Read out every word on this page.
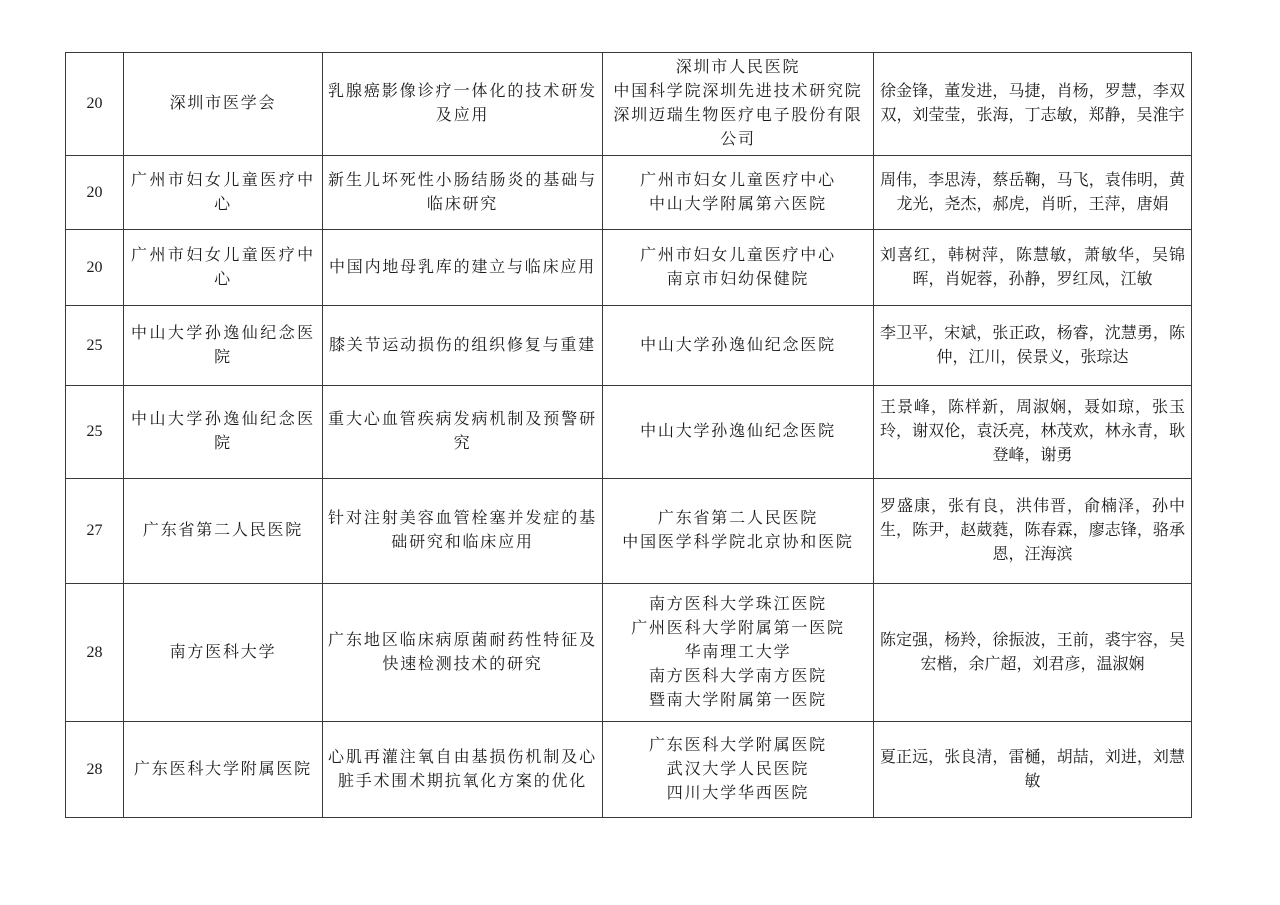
20	深圳市医学会	乳腺癌影像诊疗一体化的技术研发及应用	深圳市人民医院
中国科学院深圳先进技术研究院
深圳迈瑞生物医疗电子股份有限公司	徐金锋，董发进，马捷，肖杨，罗慧，李双双，刘莹莹，张海，丁志敏，郑静，吴淮宇
20	广州市妇女儿童医疗中心	新生儿坏死性小肠结肠炎的基础与临床研究	广州市妇女儿童医疗中心
中山大学附属第六医院	周伟，李思涛，蔡岳鞠，马飞，袁伟明，黄龙光，尧杰，郝虎，肖昕，王萍，唐娟
20	广州市妇女儿童医疗中心	中国内地母乳库的建立与临床应用	广州市妇女儿童医疗中心
南京市妇幼保健院	刘喜红，韩树萍，陈慧敏，萧敏华，吴锦晖，肖妮蓉，孙静，罗红凤，江敏
25	中山大学孙逸仙纪念医院	膝关节运动损伤的组织修复与重建	中山大学孙逸仙纪念医院	李卫平，宋斌，张正政，杨睿，沈慧勇，陈仲，江川，侯景义，张琮达
25	中山大学孙逸仙纪念医院	重大心血管疾病发病机制及预警研究	中山大学孙逸仙纪念医院	王景峰，陈样新，周淑娴，聂如琼，张玉玲，谢双伦，袁沃亮，林茂欢，林永青，耿登峰，谢勇
27	广东省第二人民医院	针对注射美容血管栓塞并发症的基础研究和临床应用	广东省第二人民医院
中国医学科学院北京协和医院	罗盛康，张有良，洪伟晋，俞楠泽，孙中生，陈尹，赵葳蕤，陈春霖，廖志锋，骆承恩，汪海滨
28	南方医科大学	广东地区临床病原菌耐药性特征及快速检测技术的研究	南方医科大学珠江医院
广州医科大学附属第一医院
华南理工大学
南方医科大学南方医院
暨南大学附属第一医院	陈定强，杨羚，徐振波，王前，裘宇容，吴宏楷，余广超，刘君彦，温淑娴
28	广东医科大学附属医院	心肌再灌注氧自由基损伤机制及心脏手术围术期抗氧化方案的优化	广东医科大学附属医院
武汉大学人民医院
四川大学华西医院	夏正远，张良清，雷樋，胡喆，刘进，刘慧敏
